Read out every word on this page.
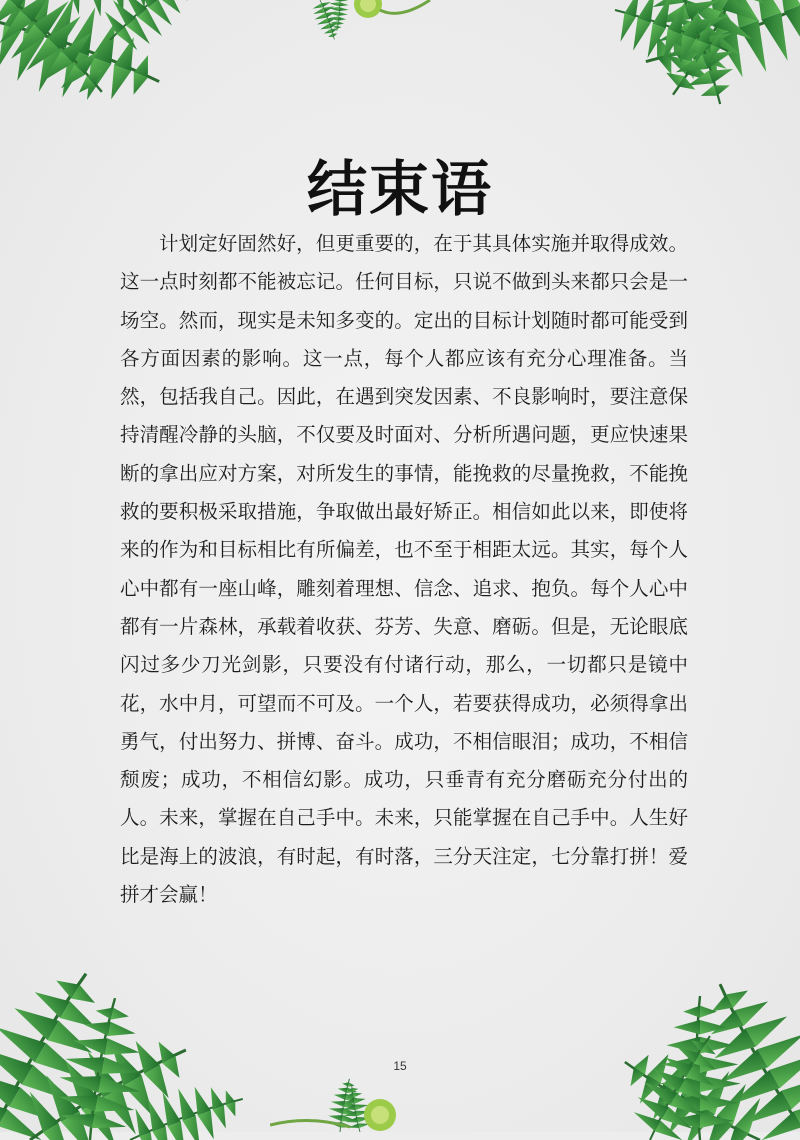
结束语

计划定好固然好，但更重要的，在于其具体实施并取得成效。这一点时刻都不能被忘记。任何目标，只说不做到头来都只会是一场空。然而，现实是未知多变的。定出的目标计划随时都可能受到各方面因素的影响。这一点，每个人都应该有充分心理准备。当然，包括我自己。因此，在遇到突发因素、不良影响时，要注意保持清醒冷静的头脑，不仅要及时面对、分析所遇问题，更应快速果断的拿出应对方案，对所发生的事情，能挽救的尽量挽救，不能挽救的要积极采取措施，争取做出最好矫正。相信如此以来，即使将来的作为和目标相比有所偏差，也不至于相距太远。其实，每个人心中都有一座山峰，雕刻着理想、信念、追求、抱负。每个人心中都有一片森林，承载着收获、芬芳、失意、磨砺。但是，无论眼底闪过多少刀光剑影，只要没有付诸行动，那么，一切都只是镜中花，水中月，可望而不可及。一个人，若要获得成功，必须得拿出勇气，付出努力、拼博、奋斗。成功，不相信眼泪；成功，不相信颓废；成功，不相信幻影。成功，只垂青有充分磨砺充分付出的人。未来，掌握在自己手中。未来，只能掌握在自己手中。人生好比是海上的波浪，有时起，有时落，三分天注定，七分靠打拼！爱拼才会赢！

15
